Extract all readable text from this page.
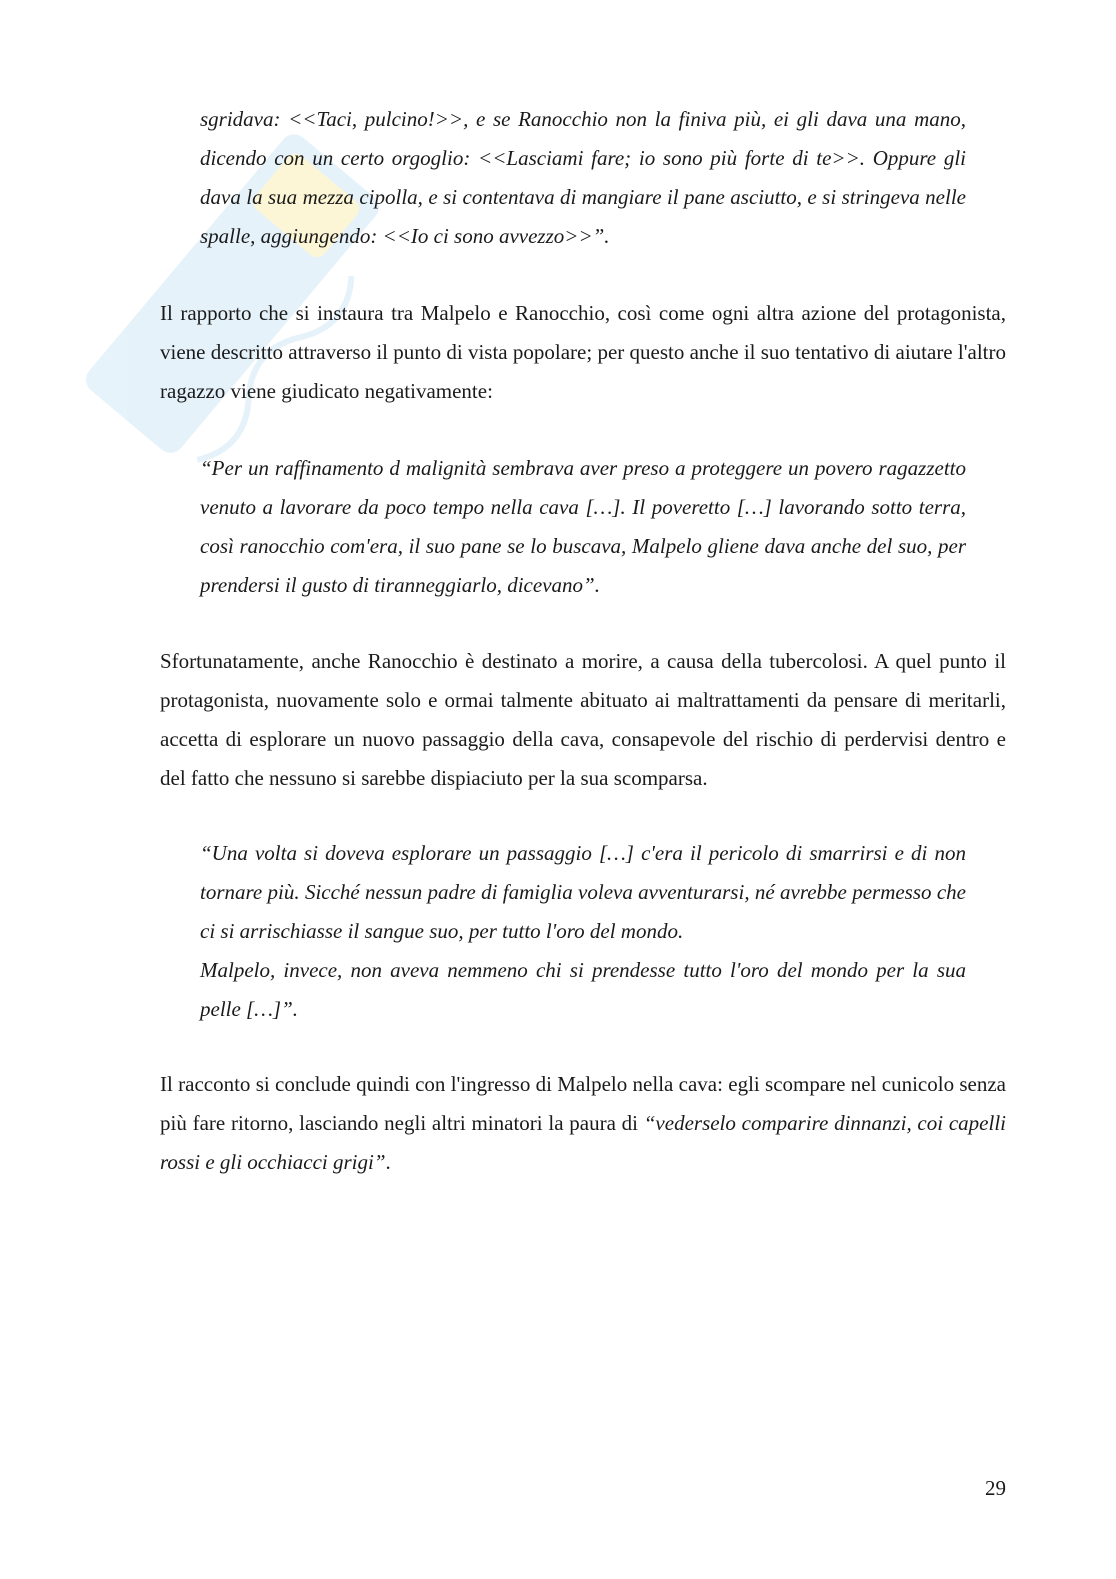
sgridava: <<Taci, pulcino!>>, e se Ranocchio non la finiva più, ei gli dava una mano, dicendo con un certo orgoglio: <<Lasciami fare; io sono più forte di te>>. Oppure gli dava la sua mezza cipolla, e si contentava di mangiare il pane asciutto, e si stringeva nelle spalle, aggiungendo: <<Io ci sono avvezzo>>”.

Il rapporto che si instaura tra Malpelo e Ranocchio, così come ogni altra azione del protagonista, viene descritto attraverso il punto di vista popolare; per questo anche il suo tentativo di aiutare l'altro ragazzo viene giudicato negativamente:

“Per un raffinamento d malignità sembrava aver preso a proteggere un povero ragazzetto venuto a lavorare da poco tempo nella cava […]. Il poveretto […] lavorando sotto terra, così ranocchio com'era, il suo pane se lo buscava, Malpelo gliene dava anche del suo, per prendersi il gusto di tiranneggiarlo, dicevano”.

Sfortunatamente, anche Ranocchio è destinato a morire, a causa della tubercolosi. A quel punto il protagonista, nuovamente solo e ormai talmente abituato ai maltrattamenti da pensare di meritarli, accetta di esplorare un nuovo passaggio della cava, consapevole del rischio di perdervisi dentro e del fatto che nessuno si sarebbe dispiaciuto per la sua scomparsa.

“Una volta si doveva esplorare un passaggio […] c'era il pericolo di smarrirsi e di non tornare più. Sicché nessun padre di famiglia voleva avventurarsi, né avrebbe permesso che ci si arrischiasse il sangue suo, per tutto l'oro del mondo.
Malpelo, invece, non aveva nemmeno chi si prendesse tutto l'oro del mondo per la sua pelle […]”.

Il racconto si conclude quindi con l'ingresso di Malpelo nella cava: egli scompare nel cunicolo senza più fare ritorno, lasciando negli altri minatori la paura di “vederselo comparire dinnanzi, coi capelli rossi e gli occhiacci grigi”.

29
